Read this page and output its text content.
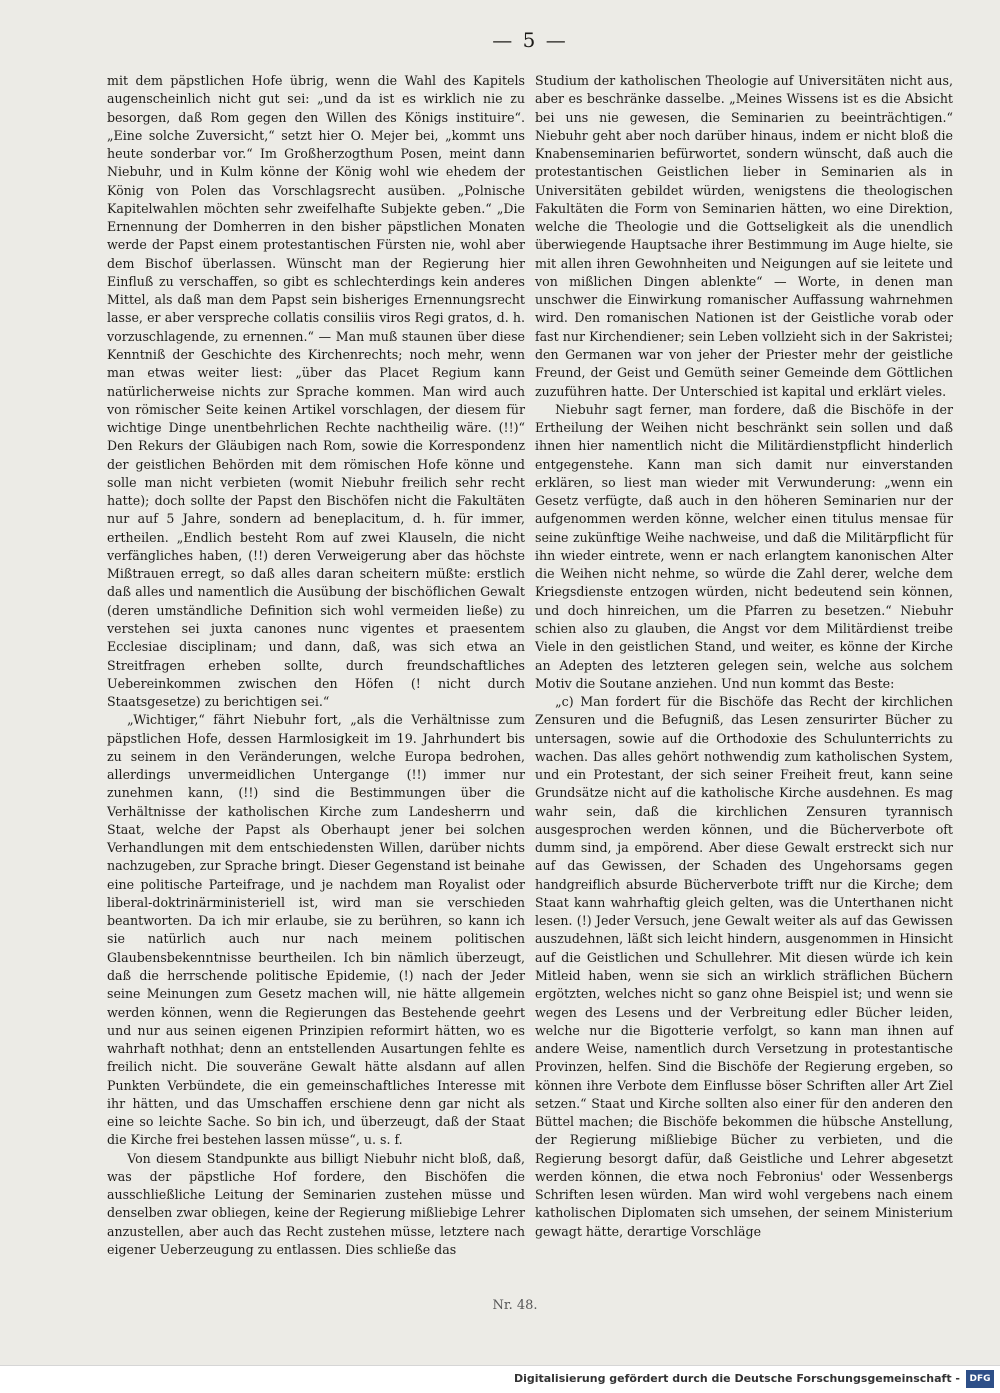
— 5 —

mit dem päpstlichen Hofe übrig, wenn die Wahl des Kapitels augenscheinlich nicht gut sei: „und da ist es wirklich nie zu besorgen, daß Rom gegen den Willen des Königs instituire“. „Eine solche Zuversicht,“ setzt hier O. Mejer bei, „kommt uns heute sonderbar vor.“ Im Großherzogthum Posen, meint dann Niebuhr, und in Kulm könne der König wohl wie ehedem der König von Polen das Vorschlagsrecht ausüben. „Polnische Kapitelwahlen möchten sehr zweifelhafte Subjekte geben.“ „Die Ernennung der Domherren in den bisher päpstlichen Monaten werde der Papst einem protestantischen Fürsten nie, wohl aber dem Bischof überlassen. Wünscht man der Regierung hier Einfluß zu verschaffen, so gibt es schlechterdings kein anderes Mittel, als daß man dem Papst sein bisheriges Ernennungsrecht lasse, er aber verspreche collatis consiliis viros Regi gratos, d. h. vorzuschlagende, zu ernennen.“ — Man muß staunen über diese Kenntniß der Geschichte des Kirchenrechts; noch mehr, wenn man etwas weiter liest: „über das Placet Regium kann natürlicherweise nichts zur Sprache kommen. Man wird auch von römischer Seite keinen Artikel vorschlagen, der diesem für wichtige Dinge unentbehrlichen Rechte nachtheilig wäre. (!!)“ Den Rekurs der Gläubigen nach Rom, sowie die Korrespondenz der geistlichen Behörden mit dem römischen Hofe könne und solle man nicht verbieten (womit Niebuhr freilich sehr recht hatte); doch sollte der Papst den Bischöfen nicht die Fakultäten nur auf 5 Jahre, sondern ad beneplacitum, d. h. für immer, ertheilen. „Endlich besteht Rom auf zwei Klauseln, die nicht verfängliches haben, (!!) deren Verweigerung aber das höchste Mißtrauen erregt, so daß alles daran scheitern müßte: erstlich daß alles und namentlich die Ausübung der bischöflichen Gewalt (deren umständliche Definition sich wohl vermeiden ließe) zu verstehen sei juxta canones nunc vigentes et praesentem Ecclesiae disciplinam; und dann, daß, was sich etwa an Streitfragen erheben sollte, durch freundschaftliches Uebereinkommen zwischen den Höfen (! nicht durch Staatsgesetze) zu berichtigen sei.“

„Wichtiger,“ fährt Niebuhr fort, „als die Verhältnisse zum päpstlichen Hofe, dessen Harmlosigkeit im 19. Jahrhundert bis zu seinem in den Veränderungen, welche Europa bedrohen, allerdings unvermeidlichen Untergange (!!) immer nur zunehmen kann, (!!) sind die Bestimmungen über die Verhältnisse der katholischen Kirche zum Landesherrn und Staat, welche der Papst als Oberhaupt jener bei solchen Verhandlungen mit dem entschiedensten Willen, darüber nichts nachzugeben, zur Sprache bringt. Dieser Gegenstand ist beinahe eine politische Parteifrage, und je nachdem man Royalist oder liberal-doktrinärministeriell ist, wird man sie verschieden beantworten. Da ich mir erlaube, sie zu berühren, so kann ich sie natürlich auch nur nach meinem politischen Glaubensbekenntnisse beurtheilen. Ich bin nämlich überzeugt, daß die herrschende politische Epidemie, (!) nach der Jeder seine Meinungen zum Gesetz machen will, nie hätte allgemein werden können, wenn die Regierungen das Bestehende geehrt und nur aus seinen eigenen Prinzipien reformirt hätten, wo es wahrhaft nothhat; denn an entstellenden Ausartungen fehlte es freilich nicht. Die souveräne Gewalt hätte alsdann auf allen Punkten Verbündete, die ein gemeinschaftliches Interesse mit ihr hätten, und das Umschaffen erschiene denn gar nicht als eine so leichte Sache. So bin ich, und überzeugt, daß der Staat die Kirche frei bestehen lassen müsse“, u. s. f.

Von diesem Standpunkte aus billigt Niebuhr nicht bloß, daß, was der päpstliche Hof fordere, den Bischöfen die ausschließliche Leitung der Seminarien zustehen müsse und denselben zwar obliegen, keine der Regierung mißliebige Lehrer anzustellen, aber auch das Recht zustehen müsse, letztere nach eigener Ueberzeugung zu entlassen. Dies schließe das

Studium der katholischen Theologie auf Universitäten nicht aus, aber es beschränke dasselbe. „Meines Wissens ist es die Absicht bei uns nie gewesen, die Seminarien zu beeinträchtigen.“ Niebuhr geht aber noch darüber hinaus, indem er nicht bloß die Knabenseminarien befürwortet, sondern wünscht, daß auch die protestantischen Geistlichen lieber in Seminarien als in Universitäten gebildet würden, wenigstens die theologischen Fakultäten die Form von Seminarien hätten, wo eine Direktion, welche die Theologie und die Gottseligkeit als die unendlich überwiegende Hauptsache ihrer Bestimmung im Auge hielte, sie mit allen ihren Gewohnheiten und Neigungen auf sie leitete und von mißlichen Dingen ablenkte“ — Worte, in denen man unschwer die Einwirkung romanischer Auffassung wahrnehmen wird. Den romanischen Nationen ist der Geistliche vorab oder fast nur Kirchendiener; sein Leben vollzieht sich in der Sakristei; den Germanen war von jeher der Priester mehr der geistliche Freund, der Geist und Gemüth seiner Gemeinde dem Göttlichen zuzuführen hatte. Der Unterschied ist kapital und erklärt vieles.

Niebuhr sagt ferner, man fordere, daß die Bischöfe in der Ertheilung der Weihen nicht beschränkt sein sollen und daß ihnen hier namentlich nicht die Militärdienstpflicht hinderlich entgegenstehe. Kann man sich damit nur einverstanden erklären, so liest man wieder mit Verwunderung: „wenn ein Gesetz verfügte, daß auch in den höheren Seminarien nur der aufgenommen werden könne, welcher einen titulus mensae für seine zukünftige Weihe nachweise, und daß die Militärpflicht für ihn wieder eintrete, wenn er nach erlangtem kanonischen Alter die Weihen nicht nehme, so würde die Zahl derer, welche dem Kriegsdienste entzogen würden, nicht bedeutend sein können, und doch hinreichen, um die Pfarren zu besetzen.“ Niebuhr schien also zu glauben, die Angst vor dem Militärdienst treibe Viele in den geistlichen Stand, und weiter, es könne der Kirche an Adepten des letzteren gelegen sein, welche aus solchem Motiv die Soutane anziehen. Und nun kommt das Beste:

„c) Man fordert für die Bischöfe das Recht der kirchlichen Zensuren und die Befugniß, das Lesen zensurirter Bücher zu untersagen, sowie auf die Orthodoxie des Schulunterrichts zu wachen. Das alles gehört nothwendig zum katholischen System, und ein Protestant, der sich seiner Freiheit freut, kann seine Grundsätze nicht auf die katholische Kirche ausdehnen. Es mag wahr sein, daß die kirchlichen Zensuren tyrannisch ausgesprochen werden können, und die Bücherverbote oft dumm sind, ja empörend. Aber diese Gewalt erstreckt sich nur auf das Gewissen, der Schaden des Ungehorsams gegen handgreiflich absurde Bücherverbote trifft nur die Kirche; dem Staat kann wahrhaftig gleich gelten, was die Unterthanen nicht lesen. (!) Jeder Versuch, jene Gewalt weiter als auf das Gewissen auszudehnen, läßt sich leicht hindern, ausgenommen in Hinsicht auf die Geistlichen und Schullehrer. Mit diesen würde ich kein Mitleid haben, wenn sie sich an wirklich sträflichen Büchern ergötzten, welches nicht so ganz ohne Beispiel ist; und wenn sie wegen des Lesens und der Verbreitung edler Bücher leiden, welche nur die Bigotterie verfolgt, so kann man ihnen auf andere Weise, namentlich durch Versetzung in protestantische Provinzen, helfen. Sind die Bischöfe der Regierung ergeben, so können ihre Verbote dem Einflusse böser Schriften aller Art Ziel setzen.“ Staat und Kirche sollten also einer für den anderen den Büttel machen; die Bischöfe bekommen die hübsche Anstellung, der Regierung mißliebige Bücher zu verbieten, und die Regierung besorgt dafür, daß Geistliche und Lehrer abgesetzt werden können, die etwa noch Febronius' oder Wessenbergs Schriften lesen würden. Man wird wohl vergebens nach einem katholischen Diplomaten sich umsehen, der seinem Ministerium gewagt hätte, derartige Vorschläge

Nr. 48.
Digitalisierung gefördert durch die Deutsche Forschungsgemeinschaft -	DFG
